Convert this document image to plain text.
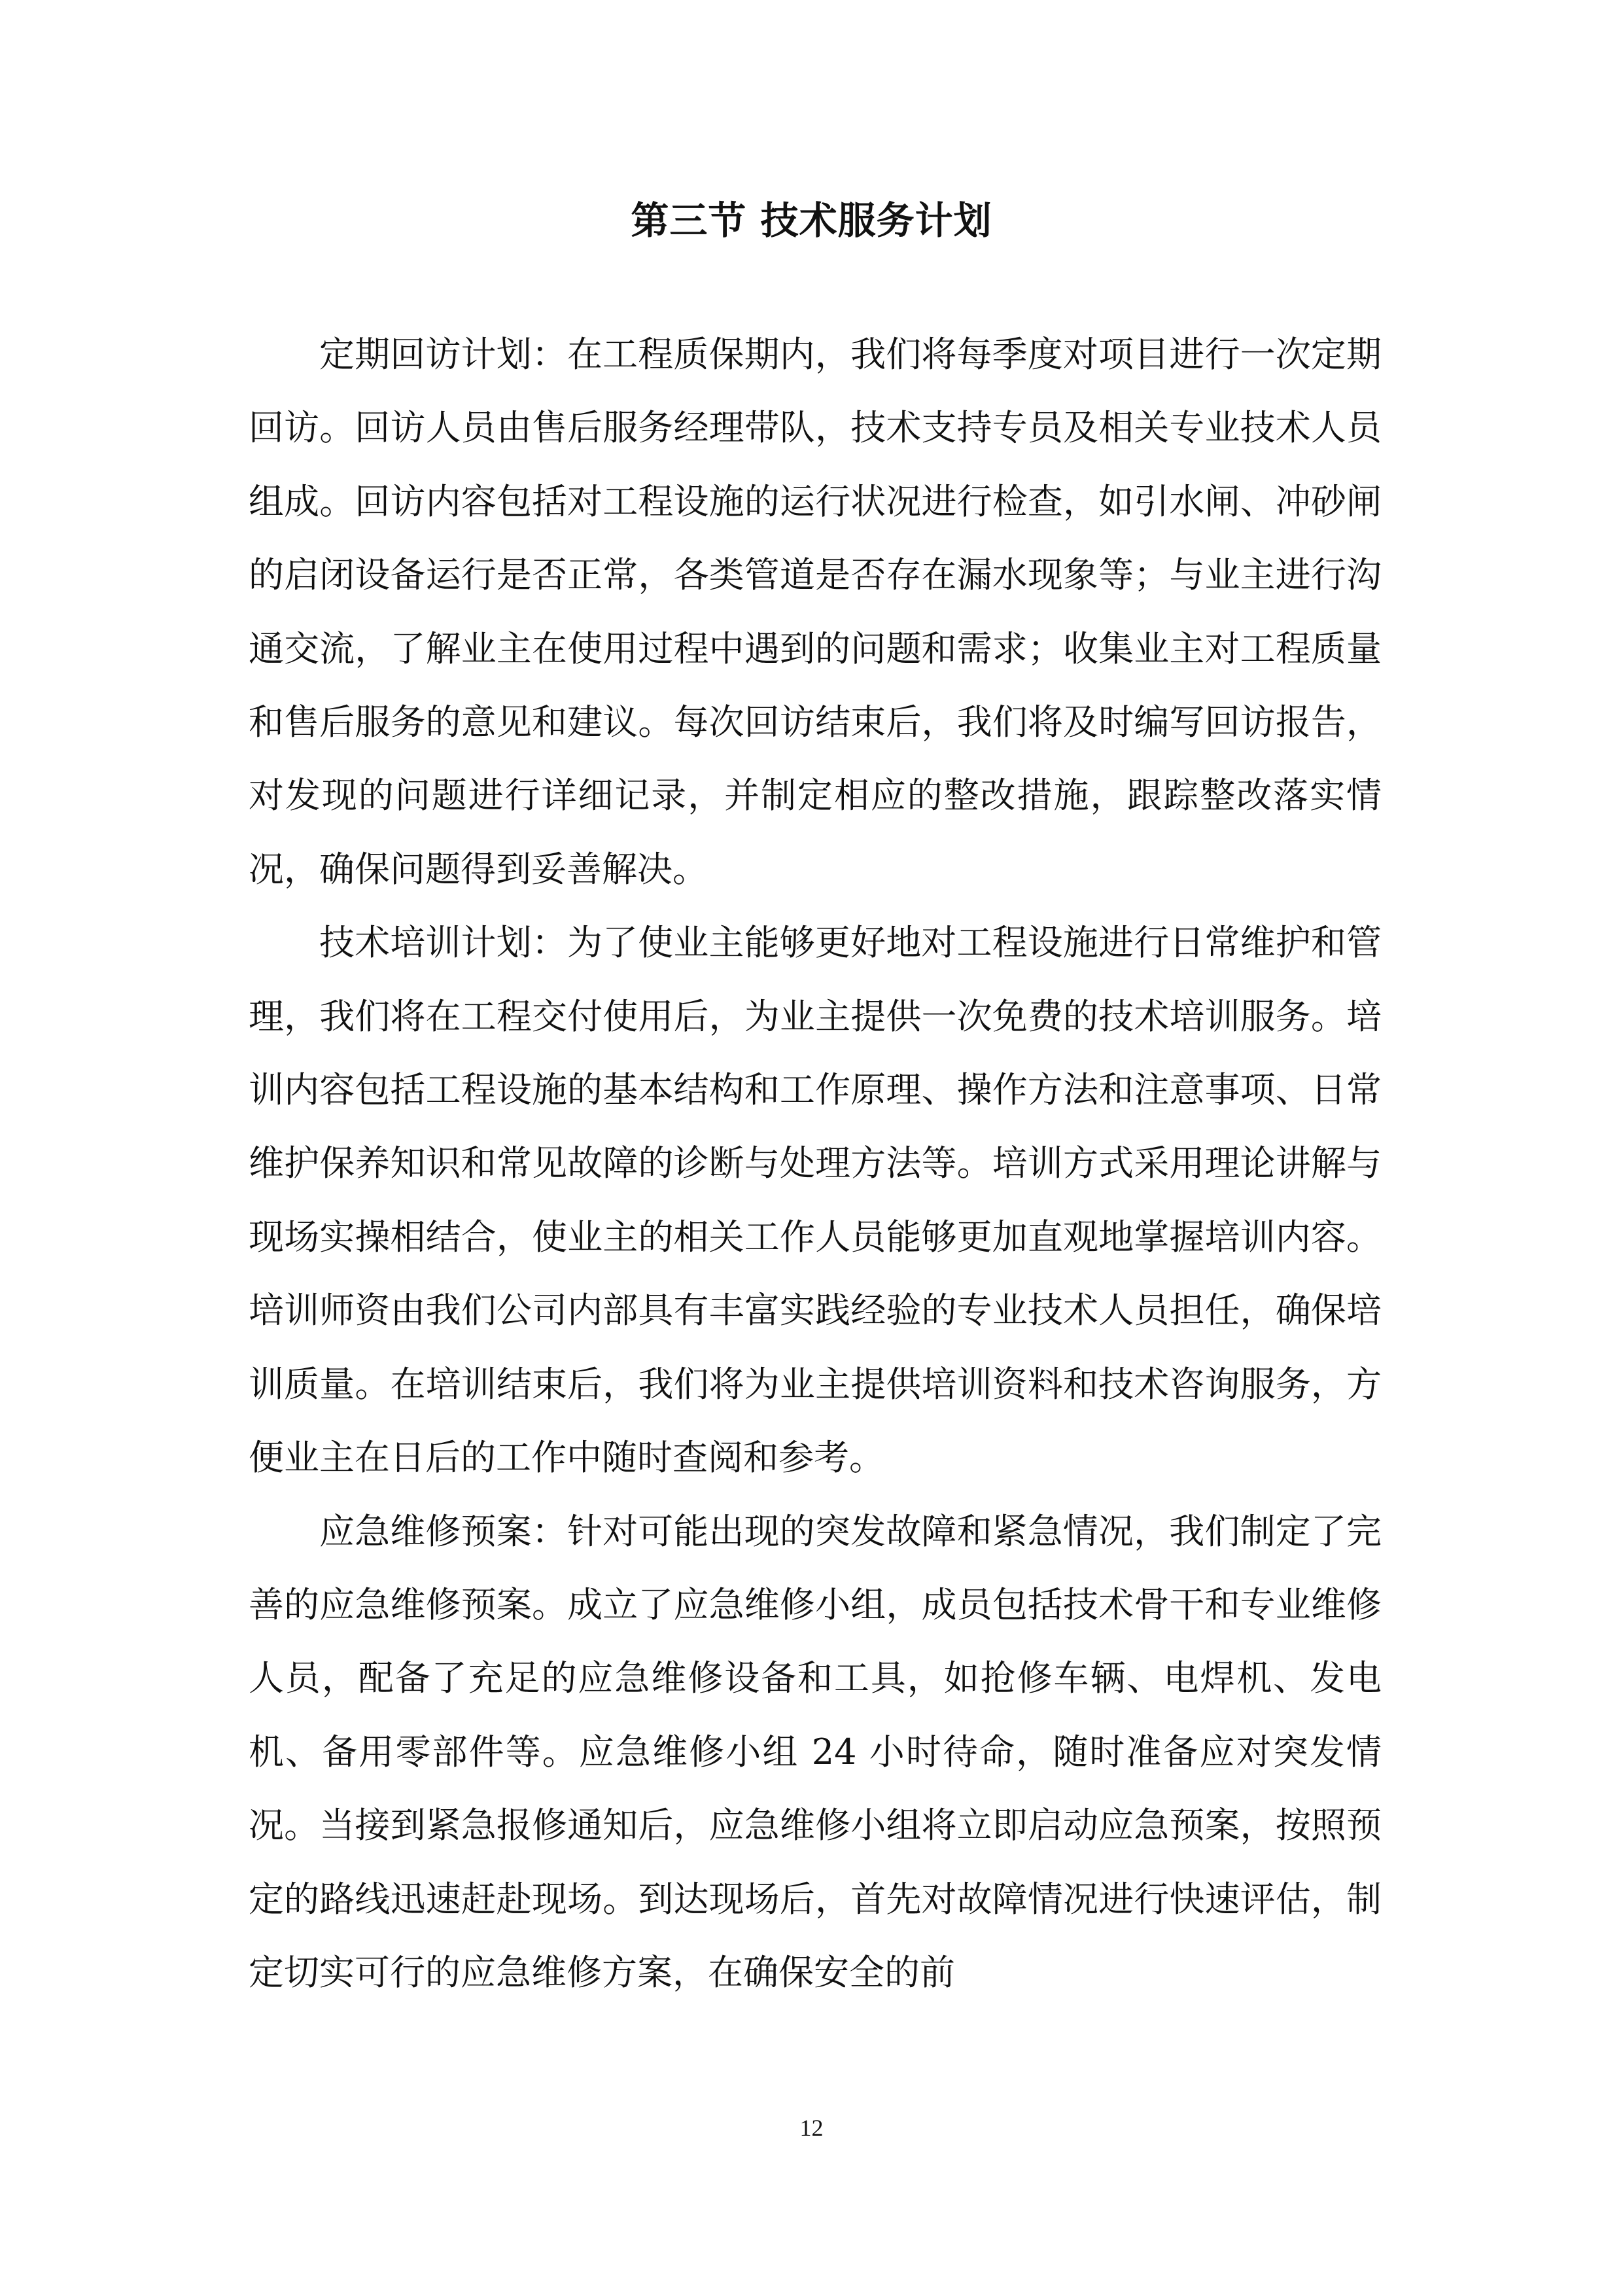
第三节 技术服务计划

定期回访计划：在工程质保期内，我们将每季度对项目进行一次定期回访。回访人员由售后服务经理带队，技术支持专员及相关专业技术人员组成。回访内容包括对工程设施的运行状况进行检查，如引水闸、冲砂闸的启闭设备运行是否正常，各类管道是否存在漏水现象等；与业主进行沟通交流，了解业主在使用过程中遇到的问题和需求；收集业主对工程质量和售后服务的意见和建议。每次回访结束后，我们将及时编写回访报告，对发现的问题进行详细记录，并制定相应的整改措施，跟踪整改落实情况，确保问题得到妥善解决。

技术培训计划：为了使业主能够更好地对工程设施进行日常维护和管理，我们将在工程交付使用后，为业主提供一次免费的技术培训服务。培训内容包括工程设施的基本结构和工作原理、操作方法和注意事项、日常维护保养知识和常见故障的诊断与处理方法等。培训方式采用理论讲解与现场实操相结合，使业主的相关工作人员能够更加直观地掌握培训内容。培训师资由我们公司内部具有丰富实践经验的专业技术人员担任，确保培训质量。在培训结束后，我们将为业主提供培训资料和技术咨询服务，方便业主在日后的工作中随时查阅和参考。

应急维修预案：针对可能出现的突发故障和紧急情况，我们制定了完善的应急维修预案。成立了应急维修小组，成员包括技术骨干和专业维修人员，配备了充足的应急维修设备和工具，如抢修车辆、电焊机、发电机、备用零部件等。应急维修小组 24 小时待命，随时准备应对突发情况。当接到紧急报修通知后，应急维修小组将立即启动应急预案，按照预定的路线迅速赶赴现场。到达现场后，首先对故障情况进行快速评估，制定切实可行的应急维修方案，在确保安全的前

12
